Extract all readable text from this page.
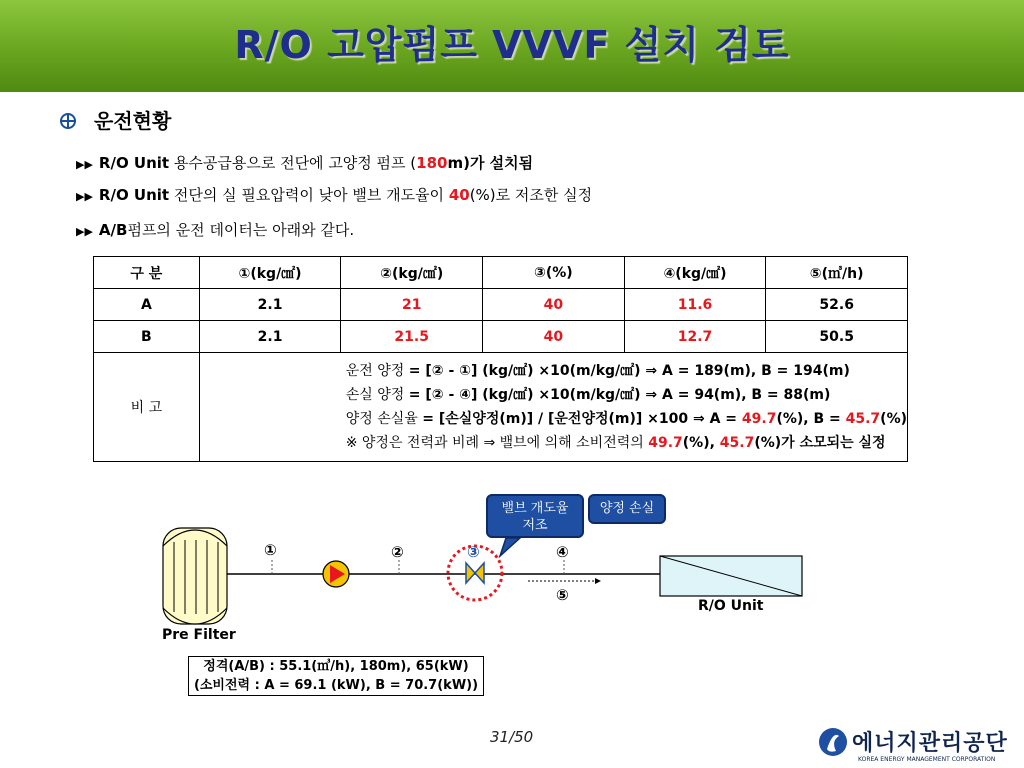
R/O 고압펌프 VVVF 설치 검토
운전현황
▶▶ R/O Unit 용수공급용으로 전단에 고양정 펌프 (180m)가 설치됨
▶▶ R/O Unit 전단의 실 필요압력이 낮아 밸브 개도율이 40(%)로 저조한 실정
▶▶ A/B펌프의 운전 데이터는 아래와 같다.
구 분	①(kg/㎠)	②(kg/㎠)	③(%)	④(kg/㎠)	⑤(㎥/h)
A	2.1	21	40	11.6	52.6
B	2.1	21.5	40	12.7	50.5
비 고	운전 양정 = [② - ①] (kg/㎠) ×10(m/kg/㎠) ⇒ A = 189(m), B = 194(m)
손실 양정 = [② - ④] (kg/㎠) ×10(m/kg/㎠) ⇒ A = 94(m), B = 88(m)
양정 손실율 = [손실양정(m)] / [운전양정(m)] ×100 ⇒ A = 49.7(%), B = 45.7(%)
※ 양정은 전력과 비례 ⇒ 밸브에 의해 소비전력의 49.7(%), 45.7(%)가 소모되는 실정				
밸브 개도율
저조
양정 손실
①	②	③	④
⑤
Pre Filter
R/O Unit
정격(A/B) : 55.1(㎥/h), 180m), 65(kW)
(소비전력 : A = 69.1 (kW), B = 70.7(kW))
31/50	에너지관리공단
KOREA ENERGY MANAGEMENT CORPORATION
